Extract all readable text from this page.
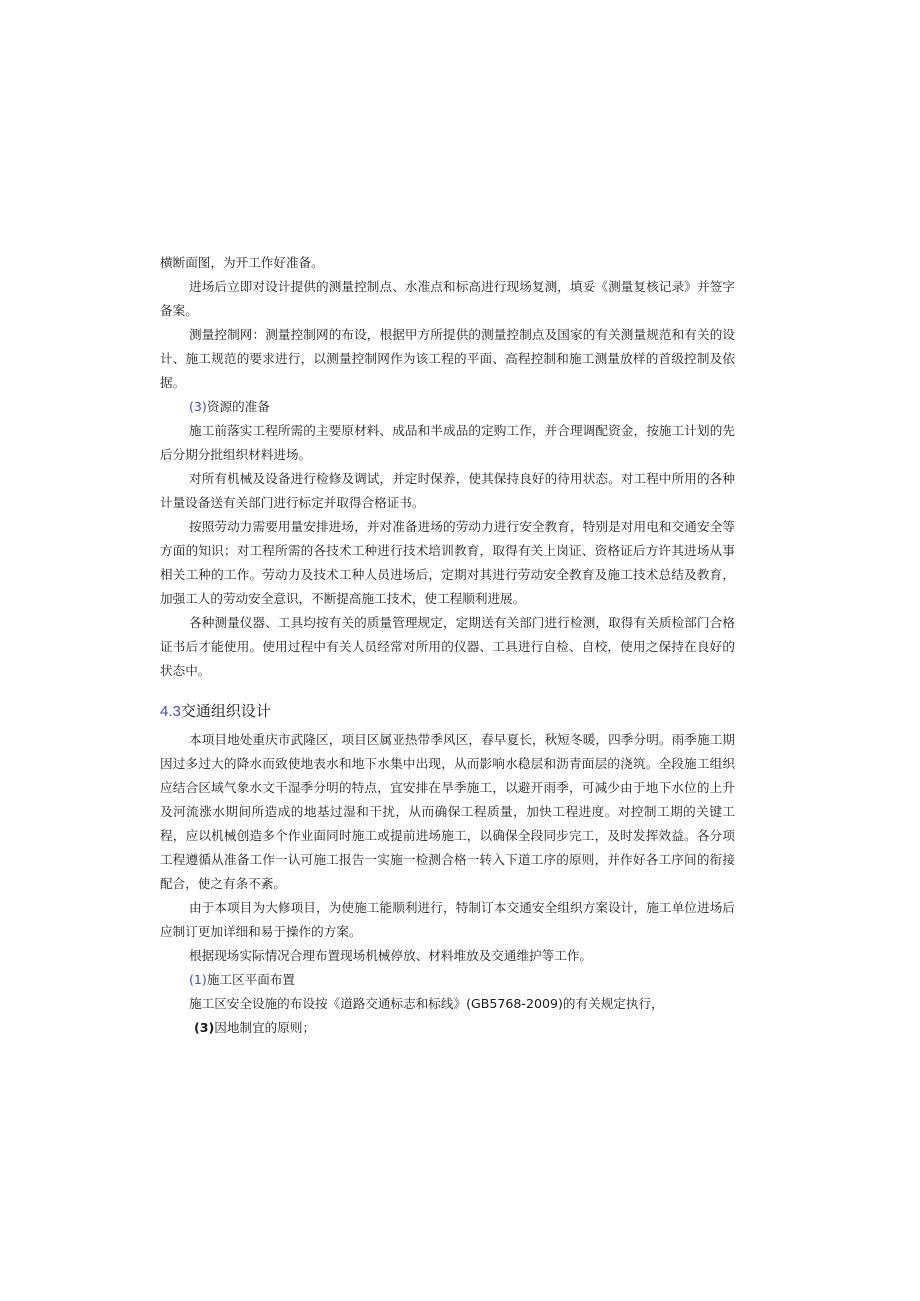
横断面图，为开工作好准备。

进场后立即对设计提供的测量控制点、水准点和标高进行现场复测，填妥《测量复核记录》并签字备案。

测量控制网：测量控制网的布设，根据甲方所提供的测量控制点及国家的有关测量规范和有关的设计、施工规范的要求进行，以测量控制网作为该工程的平面、高程控制和施工测量放样的首级控制及依据。

(3)资源的准备

施工前落实工程所需的主要原材料、成品和半成品的定购工作，并合理调配资金，按施工计划的先后分期分批组织材料进场。

对所有机械及设备进行检修及调试，并定时保养，使其保持良好的待用状态。对工程中所用的各种计量设备送有关部门进行标定并取得合格证书。

按照劳动力需要用量安排进场，并对准备进场的劳动力进行安全教育，特别是对用电和交通安全等方面的知识；对工程所需的各技术工种进行技术培训教育，取得有关上岗证、资格证后方许其进场从事相关工种的工作。劳动力及技术工种人员进场后，定期对其进行劳动安全教育及施工技术总结及教育，加强工人的劳动安全意识，不断提高施工技术，使工程顺利进展。

各种测量仪器、工具均按有关的质量管理规定，定期送有关部门进行检测，取得有关质检部门合格证书后才能使用。使用过程中有关人员经常对所用的仪器、工具进行自检、自校，使用之保持在良好的状态中。

4.3交通组织设计

本项目地处重庆市武隆区，项目区属亚热带季风区，春早夏长，秋短冬暖，四季分明。雨季施工期因过多过大的降水而致使地表水和地下水集中出现，从而影响水稳层和沥青面层的浇筑。全段施工组织应结合区域气象水文干湿季分明的特点，宜安排在旱季施工，以避开雨季，可减少由于地下水位的上升及河流涨水期间所造成的地基过湿和干扰，从而确保工程质量，加快工程进度。对控制工期的关键工程，应以机械创造多个作业面同时施工或提前进场施工，以确保全段同步完工，及时发挥效益。各分项工程遵循从准备工作一认可施工报告一实施一检测合格一转入下道工序的原则，并作好各工序间的衔接配合，使之有条不紊。

由于本项目为大修项目，为使施工能顺利进行，特制订本交通安全组织方案设计，施工单位进场后应制订更加详细和易于操作的方案。

根据现场实际情况合理布置现场机械停放、材料堆放及交通维护等工作。

(1)施工区平面布置

施工区安全设施的布设按《道路交通标志和标线》(GB5768-2009)的有关规定执行，

(3)因地制宜的原则；
